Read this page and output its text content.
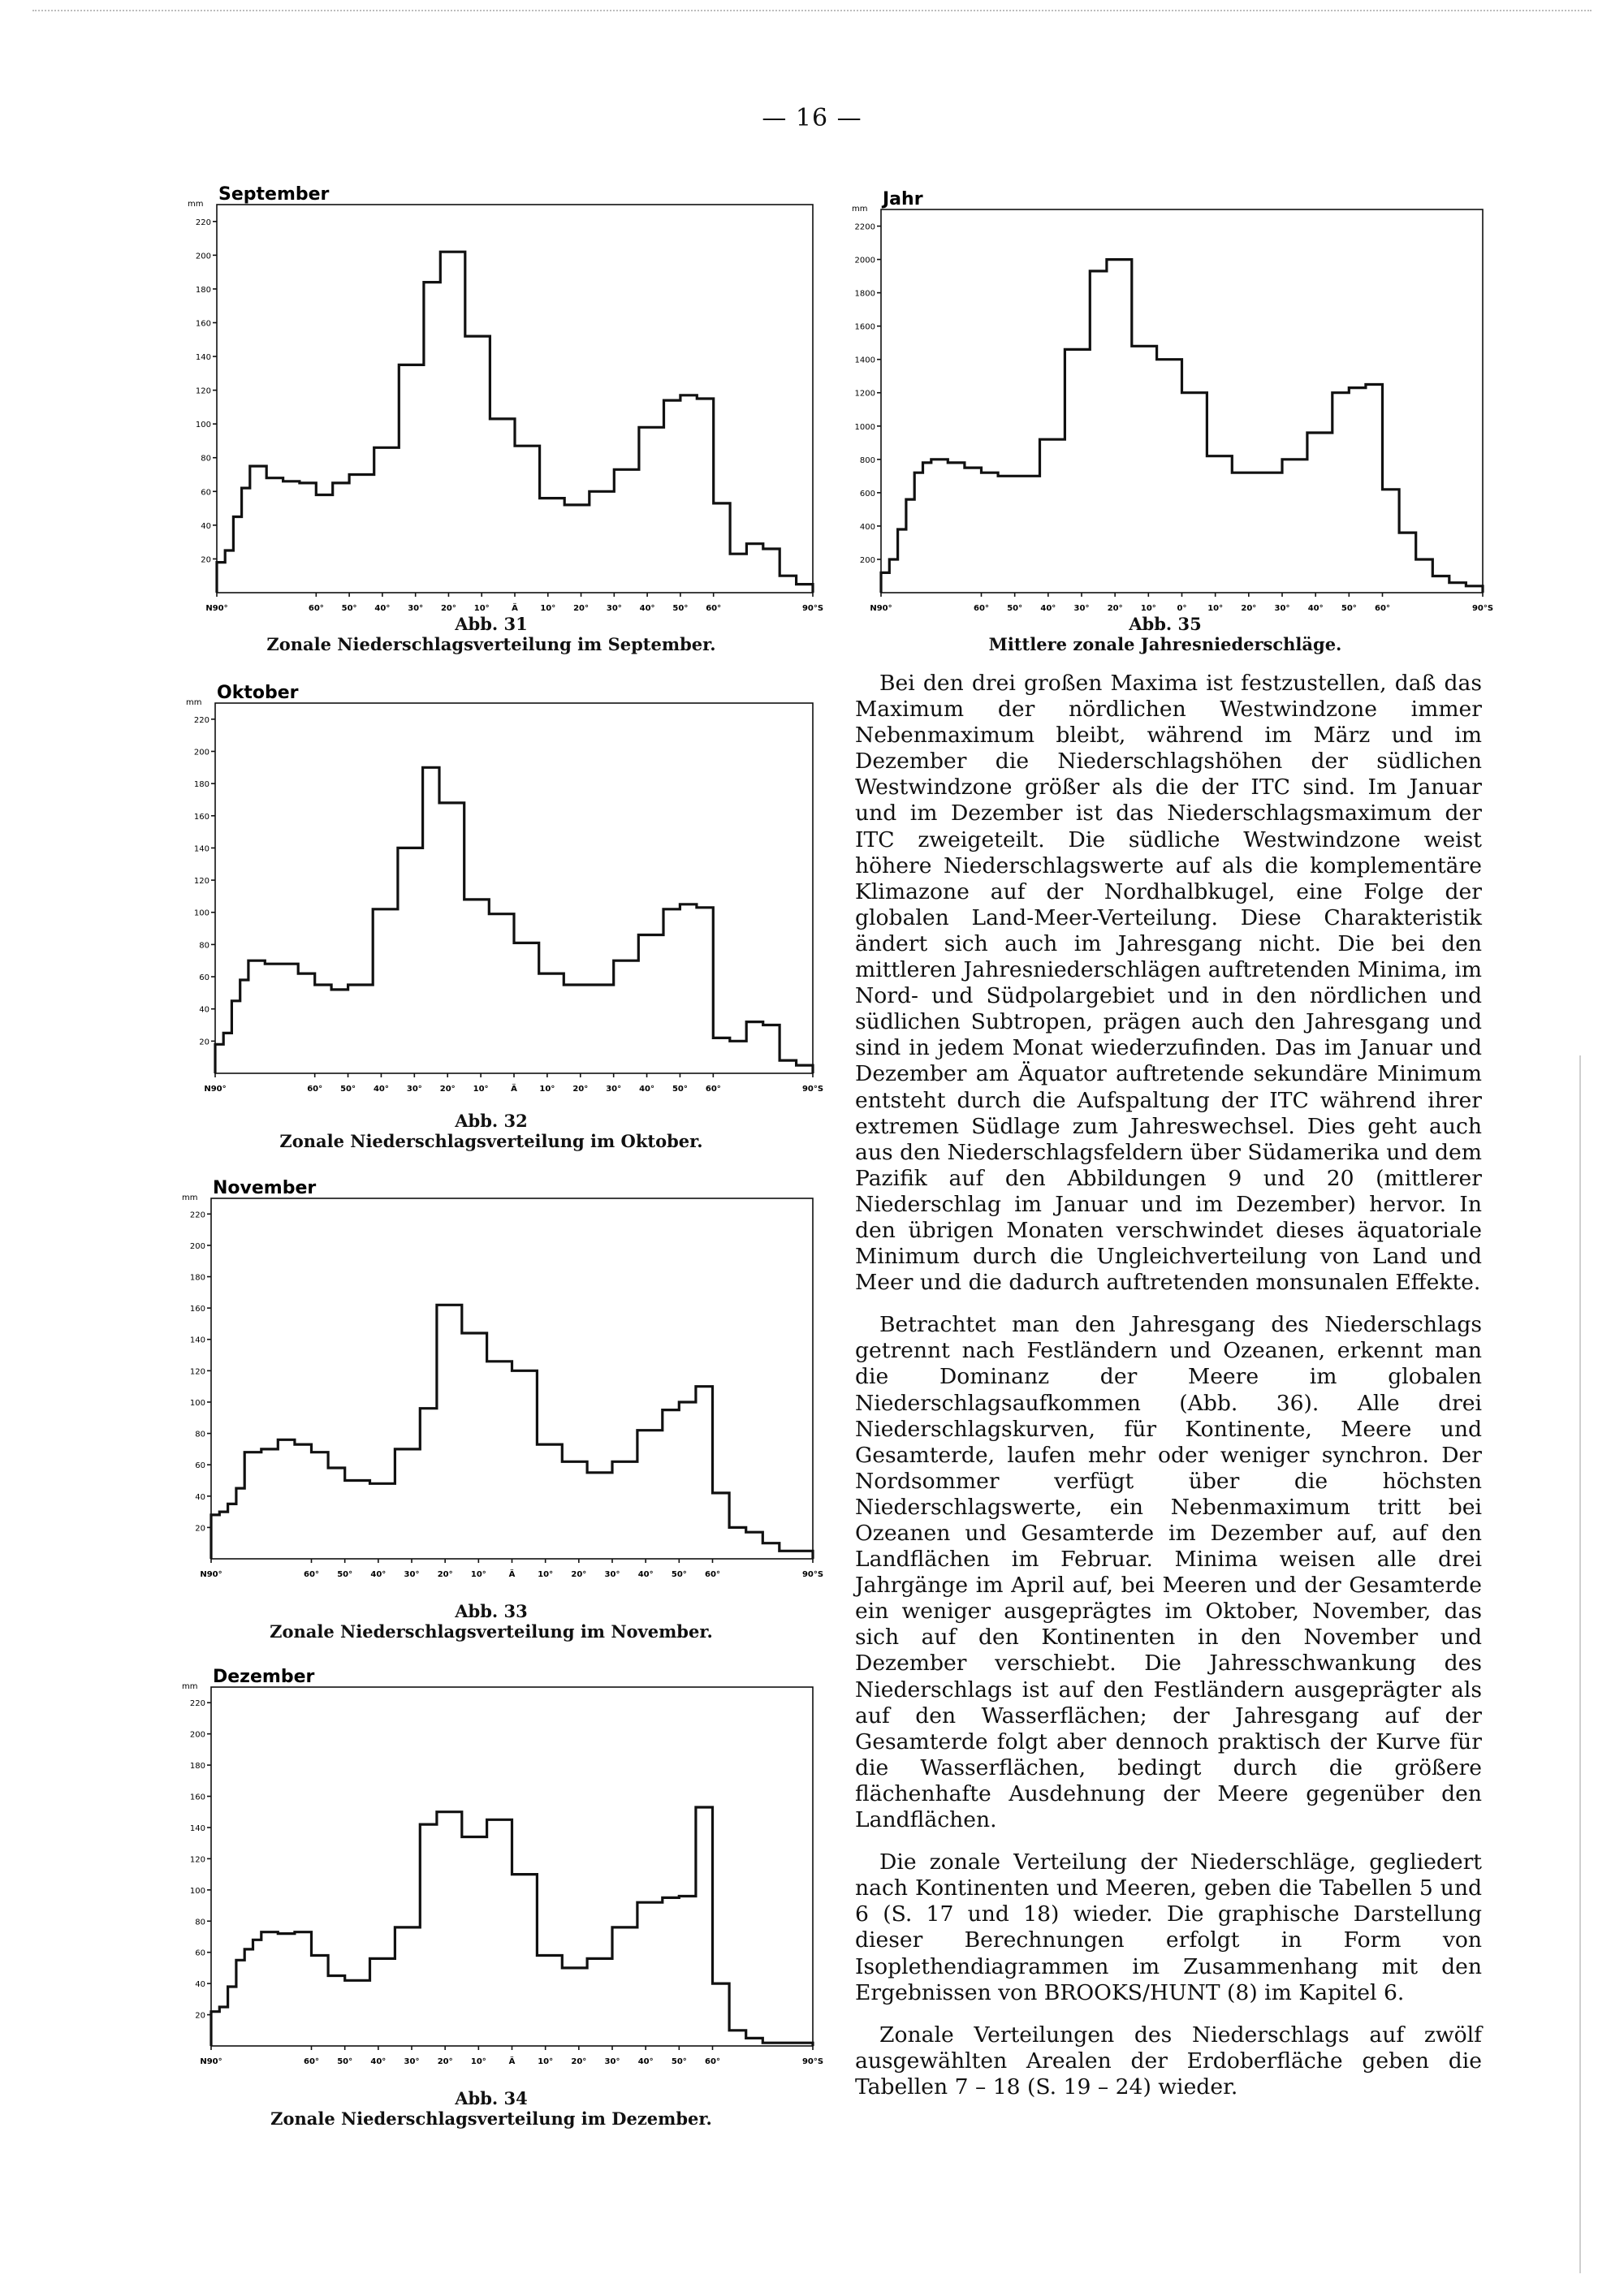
— 16 —
September
mm
20
40
60
80
100
120
140
160
180
200
220
N90°	60° 50° 40° 30° 20° 10°	Ä	10° 20° 30° 40° 50° 60°	90°S
Jahr
mm
200
400
600
800
1000
1200
1400
1600
1800
2000
2200
N90°	60° 50° 40° 30° 20° 10°	0°	10° 20° 30° 40° 50° 60°	90°S
Oktober
mm
20
40
60
80
100
120
140
160
180
200
220
N90°	60° 50° 40° 30° 20° 10°	Ä	10° 20° 30° 40° 50° 60°	90°S
November
mm
20
40
60
80
100
120
140
160
180
200
220
N90°	60° 50° 40° 30° 20° 10°	Ä	10° 20° 30° 40° 50° 60°	90°S
Dezember
mm
20
40
60
80
100
120
140
160
180
200
220
N90°	60° 50° 40° 30° 20° 10°	Ä	10° 20° 30° 40° 50° 60°	90°S
Abb. 31
Zonale Niederschlagsverteilung im September.
Abb. 35
Mittlere zonale Jahresniederschläge.
Abb. 32
Zonale Niederschlagsverteilung im Oktober.
Abb. 33
Zonale Niederschlagsverteilung im November.
Abb. 34
Zonale Niederschlagsverteilung im Dezember.

Bei den drei großen Maxima ist festzustellen, daß das Maximum der nördlichen Westwindzone immer Nebenmaximum bleibt, während im März und im Dezember die Niederschlagshöhen der südlichen Westwindzone größer als die der ITC sind. Im Januar und im Dezember ist das Niederschlagsmaximum der ITC zweigeteilt. Die südliche Westwindzone weist höhere Niederschlagswerte auf als die komplementäre Klimazone auf der Nordhalbkugel, eine Folge der globalen Land-Meer-Verteilung. Diese Charakteristik ändert sich auch im Jahresgang nicht. Die bei den mittleren Jahresniederschlägen auftretenden Minima, im Nord- und Südpolargebiet und in den nördlichen und südlichen Subtropen, prägen auch den Jahresgang und sind in jedem Monat wiederzufinden. Das im Januar und Dezember am Äquator auftretende sekundäre Minimum entsteht durch die Aufspaltung der ITC während ihrer extremen Südlage zum Jahreswechsel. Dies geht auch aus den Niederschlagsfeldern über Südamerika und dem Pazifik auf den Abbildungen 9 und 20 (mittlerer Niederschlag im Januar und im Dezember) hervor. In den übrigen Monaten verschwindet dieses äquatoriale Minimum durch die Ungleichverteilung von Land und Meer und die dadurch auftretenden monsunalen Effekte.

Betrachtet man den Jahresgang des Niederschlags getrennt nach Festländern und Ozeanen, erkennt man die Dominanz der Meere im globalen Niederschlagsaufkommen (Abb. 36). Alle drei Niederschlagskurven, für Kontinente, Meere und Gesamterde, laufen mehr oder weniger synchron. Der Nordsommer verfügt über die höchsten Niederschlagswerte, ein Nebenmaximum tritt bei Ozeanen und Gesamterde im Dezember auf, auf den Landflächen im Februar. Minima weisen alle drei Jahrgänge im April auf, bei Meeren und der Gesamterde ein weniger ausgeprägtes im Oktober, November, das sich auf den Kontinenten in den November und Dezember verschiebt. Die Jahresschwankung des Niederschlags ist auf den Festländern ausgeprägter als auf den Wasserflächen; der Jahresgang auf der Gesamterde folgt aber dennoch praktisch der Kurve für die Wasserflächen, bedingt durch die größere flächenhafte Ausdehnung der Meere gegenüber den Landflächen.

Die zonale Verteilung der Niederschläge, gegliedert nach Kontinenten und Meeren, geben die Tabellen 5 und 6 (S. 17 und 18) wieder. Die graphische Darstellung dieser Berechnungen erfolgt in Form von Isoplethendiagrammen im Zusammenhang mit den Ergebnissen von BROOKS/HUNT (8) im Kapitel 6.

Zonale Verteilungen des Niederschlags auf zwölf ausgewählten Arealen der Erdoberfläche geben die Tabellen 7 – 18 (S. 19 – 24) wieder.
